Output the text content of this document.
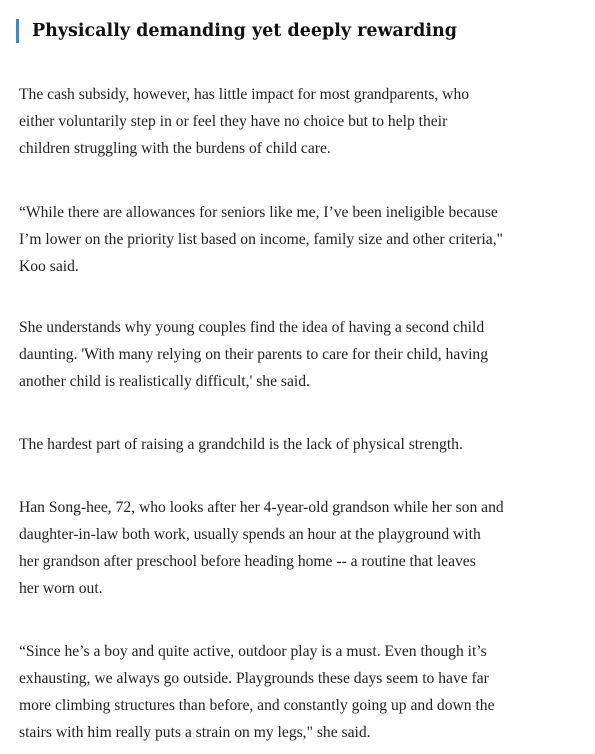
Physically demanding yet deeply rewarding

The cash subsidy, however, has little impact for most grandparents, who
either voluntarily step in or feel they have no choice but to help their
children struggling with the burdens of child care.

“While there are allowances for seniors like me, I’ve been ineligible because
I’m lower on the priority list based on income, family size and other criteria,"
Koo said.

She understands why young couples find the idea of having a second child
daunting. 'With many relying on their parents to care for their child, having
another child is realistically difficult,' she said.

The hardest part of raising a grandchild is the lack of physical strength.

Han Song-hee, 72, who looks after her 4-year-old grandson while her son and
daughter-in-law both work, usually spends an hour at the playground with
her grandson after preschool before heading home -- a routine that leaves
her worn out.

“Since he’s a boy and quite active, outdoor play is a must. Even though it’s
exhausting, we always go outside. Playgrounds these days seem to have far
more climbing structures than before, and constantly going up and down the
stairs with him really puts a strain on my legs," she said.
